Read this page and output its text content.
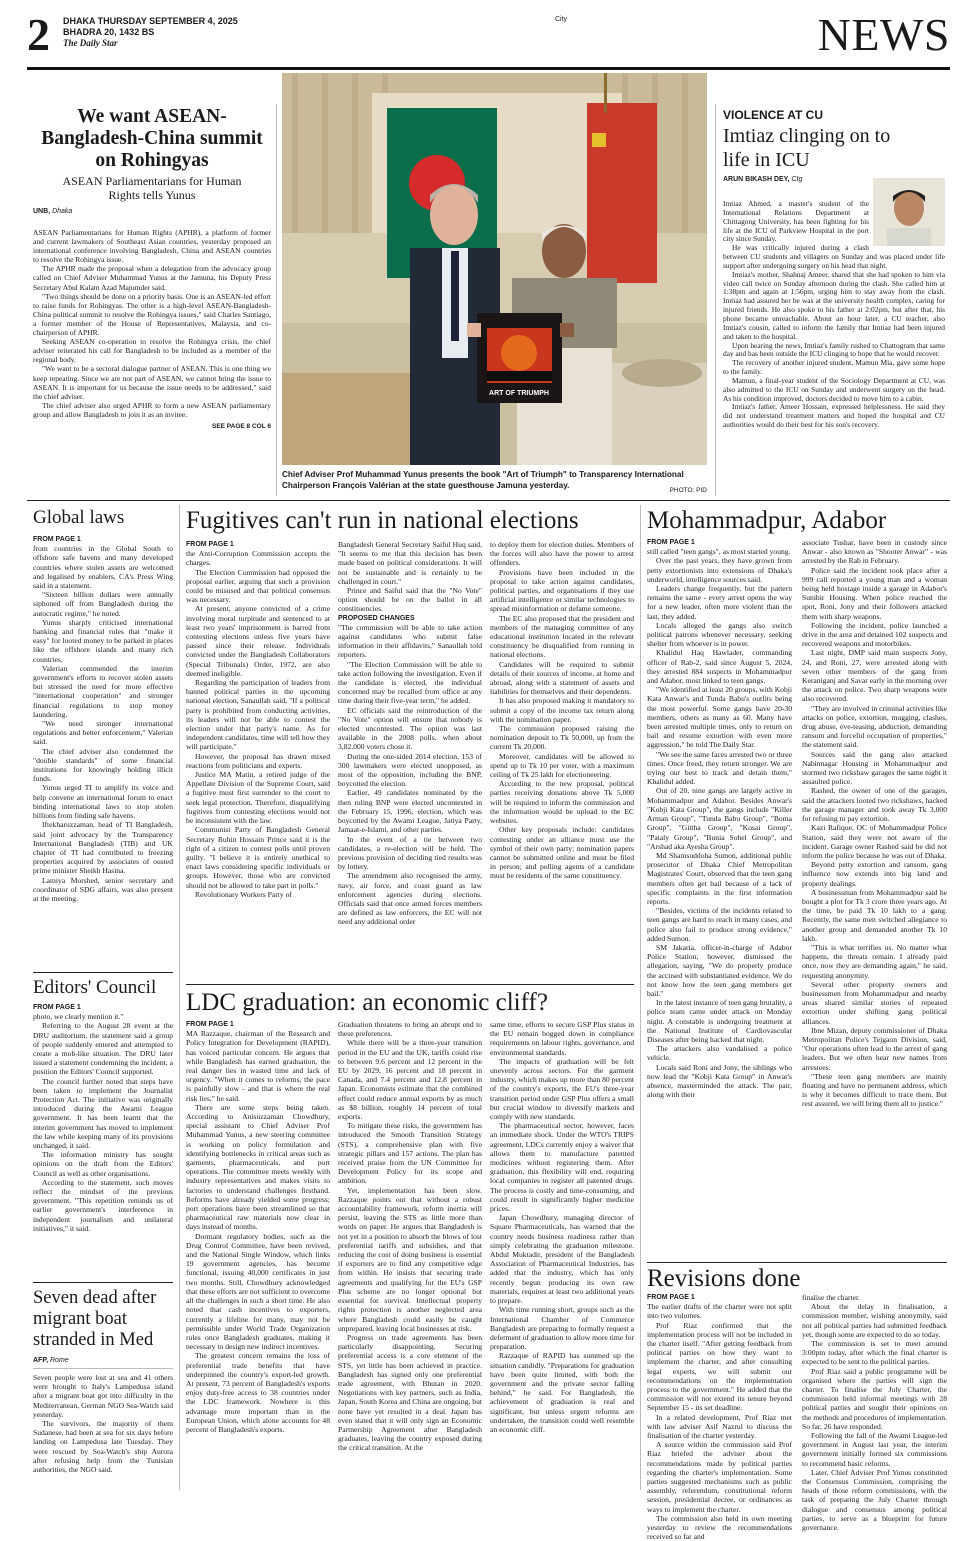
2 DHAKA THURSDAY SEPTEMBER 4, 2025
BHADRA 20, 1432 BS
The Daily Star
City	NEWS
We want ASEAN-Bangladesh-China summit on Rohingyas
ASEAN Parliamentarians for Human Rights tells Yunus
UNB, Dhaka

ASEAN Parliamentarians for Human Rights (APHR), a platform of former and current lawmakers of Southeast Asian countries, yesterday proposed an international conference involving Bangladesh, China and ASEAN countries to resolve the Rohingya issue.

The APHR made the proposal when a delegation from the advocacy group called on Chief Adviser Muhammad Yunus at the Jamuna, his Deputy Press Secretary Abul Kalam Azad Majumder said.

"Two things should be done on a priority basis. One is an ASEAN-led effort to raise funds for Rohingyas. The other is a high-level ASEAN-Bangladesh-China political summit to resolve the Rohingya issues," said Charles Santiago, a former member of the House of Representatives, Malaysia, and co-chairperson of APHR.

Seeking ASEAN co-operation to resolve the Rohingya crisis, the chief adviser reiterated his call for Bangladesh to be included as a member of the regional body.

"We want to be a sectoral dialogue partner of ASEAN. This is one thing we keep repeating. Since we are not part of ASEAN, we cannot bring the issue to ASEAN. It is important for us because the issue needs to be addressed," said the chief adviser.

The chief adviser also urged APHR to form a new ASEAN parliamentary group and allow Bangladesh to join it as an invitee.

SEE PAGE 8 COL 6
ART OF TRIUMPH
Chief Adviser Prof Muhammad Yunus presents the book "Art of Triumph" to Transparency International Chairperson François Valérian at the state guesthouse Jamuna yesterday.
PHOTO: PID
VIOLENCE AT CU
Imtiaz clinging on to life in ICU
ARUN BIKASH DEY, Ctg

Imtiaz Ahmed, a master's student of the International Relations Department at Chittagong University, has been fighting for his life at the ICU of Parkview Hospital in the port city since Sunday.

He was critically injured during a clash between CU students and villagers on Sunday and was placed under life support after undergoing surgery on his head that night.

Imtiaz's mother, Shahnaj Ameer, shared that she had spoken to him via video call twice on Sunday afternoon during the clash. She called him at 1:38pm and again at 1:56pm, urging him to stay away from the clash. Imtiaz had assured her he was at the university health complex, caring for injured friends. He also spoke to his father at 2:02pm, but after that, his phone became unreachable. About an hour later, a CU teacher, also Imtiaz's cousin, called to inform the family that Imtiaz had been injured and taken to the hospital.

Upon hearing the news, Imtiaz's family rushed to Chattogram that same day and has been outside the ICU clinging to hope that he would recover.

The recovery of another injured student, Mamun Mia, gave some hope to the family.

Mamun, a final-year student of the Sociology Department at CU, was also admitted to the ICU on Sunday and underwent surgery on the head. As his condition improved, doctors decided to move him to a cabin.

Imtiaz's father, Ameer Hossain, expressed helplessness. He said they did not understand treatment matters and hoped the hospital and CU authorities would do their best for his son's recovery.

Global laws
FROM PAGE 1

from countries in the Global South to offshore safe havens and many developed countries where stolen assets are welcomed and legalised by enablers, CA's Press Wing said in a statement.

"Sixteen billion dollars were annually siphoned off from Bangladesh during the autocratic regime," he noted.

Yunus sharply criticised international banking and financial rules that "make it easy" for looted money to be parked in places like the offshore islands and many rich countries.

Valerian commended the interim government's efforts to recover stolen assets but stressed the need for more effective "international cooperation" and stronger financial regulations to stop money laundering.

"We need stronger international regulations and better enforcement," Valerian said.

The chief adviser also condemned the "double standards" of some financial institutions for knowingly holding illicit funds.

Yunus urged TI to amplify its voice and help convene an international forum to enact binding international laws to stop stolen billions from finding safe havens.

Iftekharuzzaman, head of TI Bangladesh, said joint advocacy by the Transparency International Bangladesh (TIB) and UK chapter of TI had contributed to freezing properties acquired by associates of ousted prime minister Sheikh Hasina.

Lamiya Morshed, senior secretary and coordinator of SDG affairs, was also present at the meeting.

Editors' Council
FROM PAGE 1

photo, we clearly mention it."

Referring to the August 28 event at the DRU auditorium, the statement said a group of people suddenly entered and attempted to create a mob-like situation. The DRU later issued a statement condemning the incident, a position the Editors' Council supported.

The council further noted that steps have been taken to implement the Journalist Protection Act. The initiative was originally introduced during the Awami League government. It has been learnt that the interim government has moved to implement the law while keeping many of its provisions unchanged, it said.

The information ministry has sought opinions on the draft from the Editors' Council as well as other organisations.

According to the statement, such moves reflect the mindset of the previous government. "This repetition reminds us of earlier government's interference in independent journalism and unilateral initiatives," it said.

Seven dead after migrant boat stranded in Med
AFP, Rome

Seven people were lost at sea and 41 others were brought to Italy's Lampedusa island after a migrant boat got into difficulty in the Mediterranean, German NGO Sea-Watch said yesterday.

The survivors, the majority of them Sudanese, had been at sea for six days before landing on Lampedusa late Tuesday. They were rescued by Sea-Watch's ship Aurora after refusing help from the Tunisian authorities, the NGO said.

Fugitives can't run in national elections
FROM PAGE 1

the Anti-Corruption Commission accepts the charges.

The Election Commission had opposed the proposal earlier, arguing that such a provision could be misused and that political consensus was necessary.

At present, anyone convicted of a crime involving moral turpitude and sentenced to at least two years' imprisonment is barred from contesting elections unless five years have passed since their release. Individuals convicted under the Bangladesh Collaborators (Special Tribunals) Order, 1972, are also deemed ineligible.

Regarding the participation of leaders from banned political parties in the upcoming national election, Sanaullah said, "If a political party is prohibited from conducting activities, its leaders will not be able to contest the election under that party's name. As for independent candidates, time will tell how they will participate."

However, the proposal has drawn mixed reactions from politicians and experts.

Justice MA Matin, a retired judge of the Appellate Division of the Supreme Court, said a fugitive must first surrender to the court to seek legal protection. Therefore, disqualifying fugitives from contesting elections would not be inconsistent with the law.

Communist Party of Bangladesh General Secretary Ruhin Hossain Prince said it is the right of a citizen to contest polls until proven guilty. "I believe it is entirely unethical to enact laws considering specific individuals or groups. However, those who are convicted should not be allowed to take part in polls."

Revolutionary Workers Party of

Bangladesh General Secretary Saiful Huq said, "It seems to me that this decision has been made based on political considerations. It will not be sustainable and is certainly to be challenged in court."

Prince and Saiful said that the "No Vote" option should be on the ballot in all constituencies.

PROPOSED CHANGES

"The commission will be able to take action against candidates who submit false information in their affidavits," Sanaullah told reporters.

"The Election Commission will be able to take action following the investigation. Even if the candidate is elected, the individual concerned may be recalled from office at any time during their five-year term," he added.

EC officials said the reintroduction of the "No Vote" option will ensure that nobody is elected uncontested. The option was last available in the 2008 polls, when about 3,82,000 voters chose it.

During the one-sided 2014 election, 153 of 300 lawmakers were elected unopposed, as most of the opposition, including the BNP, boycotted the election.

Earlier, 49 candidates nominated by the then ruling BNP were elected uncontested in the February 15, 1996, election, which was boycotted by the Awami League, Jatiya Party, Jamaat-e-Islami, and other parties.

In the event of a tie between two candidates, a re-election will be held. The previous provision of deciding tied results was by lottery.

The amendment also recognised the army, navy, air force, and coast guard as law enforcement agencies during elections. Officials said that once armed forces members are defined as law enforcers, the EC will not need any additional order

to deploy them for election duties. Members of the forces will also have the power to arrest offenders.

Provisions have been included in the proposal to take action against candidates, political parties, and organisations if they use artificial intelligence or similar technologies to spread misinformation or defame someone.

The EC also proposed that the president and members of the managing committee of any educational institution located in the relevant constituency be disqualified from running in national elections.

Candidates will be required to submit details of their sources of income, at home and abroad, along with a statement of assets and liabilities for themselves and their dependents.

It has also proposed making it mandatory to submit a copy of the income tax return along with the nomination paper.

The commission proposed raising the nomination deposit to Tk 50,000, up from the current Tk 20,000.

Moreover, candidates will be allowed to spend up to Tk 10 per voter, with a maximum ceiling of Tk 25 lakh for electioneering.

According to the new proposal, political parties receiving donations above Tk 5,000 will be required to inform the commission and the information would be upload to the EC websites.

Other key proposals include: candidates contesting under an alliance must use the symbol of their own party; nomination papers cannot be submitted online and must be filed in person; and polling agents of a candidate must be residents of the same constituency.

LDC graduation: an economic cliff?
FROM PAGE 1

MA Razzaque, chairman of the Research and Policy Integration for Development (RAPID), has voiced particular concern. He argues that while Bangladesh has earned graduation, the real danger lies in wasted time and lack of urgency. "When it comes to reforms, the pace is painfully slow - and that is where the real risk lies," he said.

There are some steps being taken. According to Anisuzzaman Chowdhury, special assistant to Chief Adviser Prof Muhammad Yunus, a new steering committee is working on policy formulation and identifying bottlenecks in critical areas such as garments, pharmaceuticals, and port operations. The committee meets weekly with industry representatives and makes visits to factories to understand challenges firsthand. Reforms have already yielded some progress; port operations have been streamlined so that pharmaceutical raw materials now clear in days instead of months.

Dormant regulatory bodies, such as the Drug Control Committee, have been revived, and the National Single Window, which links 19 government agencies, has become functional, issuing 40,000 certificates in just two months. Still, Chowdhury acknowledged that these efforts are not sufficient to overcome all the challenges in such a short time. He also noted that cash incentives to exporters, currently a lifeline for many, may not be permissible under World Trade Organization rules once Bangladesh graduates, making it necessary to design new indirect incentives.

The greatest concern remains the loss of preferential trade benefits that have underpinned the country's export-led growth. At present, 73 percent of Bangladesh's exports enjoy duty-free access to 38 countries under the LDC framework. Nowhere is this advantage more important than in the European Union, which alone accounts for 48 percent of Bangladesh's exports.

Graduation threatens to bring an abrupt end to these preferences.

While there will be a three-year transition period in the EU and the UK, tariffs could rise to between 9.6 percent and 12 percent in the EU by 2029, 16 percent and 18 percent in Canada, and 7.4 percent and 12.8 percent in Japan. Economists estimate that the combined effect could reduce annual exports by as much as $8 billion, roughly 14 percent of total exports.

To mitigate these risks, the government has introduced the Smooth Transition Strategy (STS), a comprehensive plan with five strategic pillars and 157 actions. The plan has received praise from the UN Committee for Development Policy for its scope and ambition.

Yet, implementation has been slow. Razzaque points out that without a robust accountability framework, reform inertia will persist, leaving the STS as little more than words on paper. He argues that Bangladesh is not yet in a position to absorb the blows of lost preferential tariffs and subsidies, and that reducing the cost of doing business is essential if exporters are to find any competitive edge from within. He insists that securing trade agreements and qualifying for the EU's GSP Plus scheme are no longer optional but essential for survival. Intellectual property rights protection is another neglected area where Bangladesh could easily be caught unprepared, leaving local businesses at risk.

Progress on trade agreements has been particularly disappointing. Securing preferential access is a core element of the STS, yet little has been achieved in practice. Bangladesh has signed only one preferential trade agreement, with Bhutan in 2020. Negotiations with key partners, such as India, Japan, South Korea and China are ongoing, but none have yet resulted in a deal. Japan has even stated that it will only sign an Economic Partnership Agreement after Bangladesh graduates, leaving the country exposed during the critical transition. At the

same time, efforts to secure GSP Plus status in the EU remain bogged down in compliance requirements on labour rights, governance, and environmental standards.

The impacts of graduation will be felt unevenly across sectors. For the garment industry, which makes up more than 80 percent of the country's exports, the EU's three-year transition period under GSP Plus offers a small but crucial window to diversify markets and comply with new standards.

The pharmaceutical sector, however, faces an immediate shock. Under the WTO's TRIPS agreement, LDCs currently enjoy a waiver that allows them to manufacture patented medicines without registering them. After graduation, this flexibility will end, requiring local companies to register all patented drugs. The process is costly and time-consuming, and could result in significantly higher medicine prices.

Japan Chowdhury, managing director of Square Pharmaceuticals, has warned that the country needs business readiness rather than simply celebrating the graduation milestone. Abdul Muktadir, president of the Bangladesh Association of Pharmaceutical Industries, has added that the industry, which has only recently begun producing its own raw materials, requires at least two additional years to prepare.

With time running short, groups such as the International Chamber of Commerce Bangladesh are preparing to formally request a deferment of graduation to allow more time for preparation.

Razzaque of RAPID has summed up the situation candidly. "Preparations for graduation have been quite limited, with both the government and the private sector falling behind," he said. For Bangladesh, the achievement of graduation is real and significant, but unless urgent reforms are undertaken, the transition could well resemble an economic cliff.

Mohammadpur, Adabor
FROM PAGE 1

still called "teen gangs", as most started young.

Over the past years, they have grown from petty extortionists into extensions of Dhaka's underworld, intelligence sources said.

Leaders change frequently, but the pattern remains the same - every arrest opens the way for a new leader, often more violent than the last, they added.

Locals alleged the gangs also switch political patrons whenever necessary, seeking shelter from whoever is in power.

Khalidul Haq Hawlader, commanding officer of Rab-2, said since August 5, 2024, they arrested 884 suspects in Mohammadpur and Adabor, most linked to teen gangs.

"We identified at least 20 groups, with Kobji Kata Anwar's and Tunda Babu's outfits being the most powerful. Some gangs have 20-30 members, others as many as 60. Many have been arrested multiple times, only to return on bail and resume extortion with even more aggression," he told The Daily Star.

"We see the same faces arrested two or three times. Once freed, they return stronger. We are trying our best to track and detain them," Khalidul added.

Out of 20, nine gangs are largely active in Mohammadpur and Adabor. Besides Anwar's "Kobji Kata Group", the gangs include "Killer Arman Group", "Tunda Babu Group", "Boma Group", "Gittha Group", "Kosai Group", "Pataly Group", "Bunia Sohel Group", and "Arshad aka Ayesha Group".

Md Shamsuddoha Sumon, additional public prosecutor of Dhaka Chief Metropolitan Magistrates' Court, observed that the teen gang members often get bail because of a lack of specific complaints in the first information reports.

"Besides, victims of the incidents related to teen gangs are hard to reach in many cases, and police also fail to produce strong evidence," added Sumon.

SM Jakaria, officer-in-charge of Adabor Police Station, however, dismissed the allegation, saying, "We do properly produce the accused with substantiated evidence. We do not know how the teen gang members get bail."

In the latest instance of teen gang brutality, a police team came under attack on Monday night. A constable is undergoing treatment at the National Institute of Cardiovascular Diseases after being hacked that night.

The attackers also vandalised a police vehicle.

Locals said Roni and Jony, the siblings who now lead the "Kobji Kata Group" in Anwar's absence, masterminded the attack. The pair, along with their

associate Tushar, have been in custody since Anwar - also known as "Shooter Anwar" - was arrested by the Rab in February.

Police said the incident took place after a 999 call reported a young man and a woman being held hostage inside a garage in Adabor's Sunibir Housing. When police reached the spot, Roni, Jony and their followers attacked them with sharp weapons.

Following the incident, police launched a drive in the area and detained 102 suspects and recovered weapons and motorbikes.

Last night, DMP said main suspects Jony, 24, and Roni, 27, were arrested along with seven other members of the gang from Keraniganj and Savar early in the morning over the attack on police. Two sharp weapons were also recovered.

"They are involved in criminal activities like attacks on police, extortion, mugging, clashes, drug abuse, eve-teasing, abduction, demanding ransom and forceful occupation of properties," the statement said.

Sources said the gang also attacked Nabinnagar Housing in Mohammadpur and stormed two rickshaw garages the same night it assaulted police.

Rashed, the owner of one of the garages, said the attackers looted two rickshaws, hacked the garage manager and took away Tk 3,000 for refusing to pay extortion.

Kazi Rafique, OC of Mohammadpur Police Station, said they were not aware of the incident. Garage owner Rashed said he did not inform the police because he was out of Dhaka.

Beyond petty extortion and ransom, gang influence now extends into big land and property dealings.

A businessman from Mohammadpur said he bought a plot for Tk 3 crore three years ago. At the time, he paid Tk 10 lakh to a gang. Recently, the same men switched allegiance to another group and demanded another Tk 10 lakh.

"This is what terrifies us. No matter what happens, the threats remain. I already paid once, now they are demanding again," he said, requesting anonymity.

Several other property owners and businessmen from Mohammadpur and nearby areas shared similar stories of repeated extortion under shifting gang political alliances.

Ibne Mizan, deputy commissioner of Dhaka Metropolitan Police's Tejgaon Division, said, "Our operations often lead to the arrest of gang leaders. But we often hear new names from arrestees.

"These teen gang members are mainly floating and have no permanent address, which is why it becomes difficult to trace them. But rest assured, we will bring them all to justice."

Revisions done
FROM PAGE 1

The earlier drafts of the charter were not split into two volumes.

Prof Riaz confirmed that the implementation process will not be included in the charter itself. "After getting feedback from political parties on how they want to implement the charter, and after consulting legal experts, we will submit our recommendations on the implementation process to the government." He added that the commission will not extend its tenure beyond September 15 - its set deadline.

In a related development, Prof Riaz met with law adviser Asif Nazrul to discuss the finalisation of the charter yesterday.

A source within the commission said Prof Riaz briefed the adviser about the recommendations made by political parties regarding the charter's implementation. Some parties suggested mechanisms such as public assembly, referendum, constitutional reform session, presidential decree, or ordinances as ways to implement the charter.

The commission also held its own meeting yesterday to review the recommendations received so far and

finalise the charter.

About the delay in finalisation, a commission member, wishing anonymity, said not all political parties had submitted feedback yet, though some are expected to do so today.

The commission is set to meet around 3:00pm today, after which the final charter is expected to be sent to the political parties.

Prof Riaz said a public programme will be organised where the parties will sign the charter. To finalise the July Charter, the commission held informal meetings with 28 political parties and sought their opinions on the methods and procedures of implementation. So far, 26 have responded.

Following the fall of the Awami League-led government in August last year, the interim government initially formed six commissions to recommend basic reforms.

Later, Chief Adviser Prof Yunus constituted the Consensus Commission, comprising the heads of those reform commissions, with the task of preparing the July Charter through dialogue and consensus among political parties, to serve as a blueprint for future governance.
